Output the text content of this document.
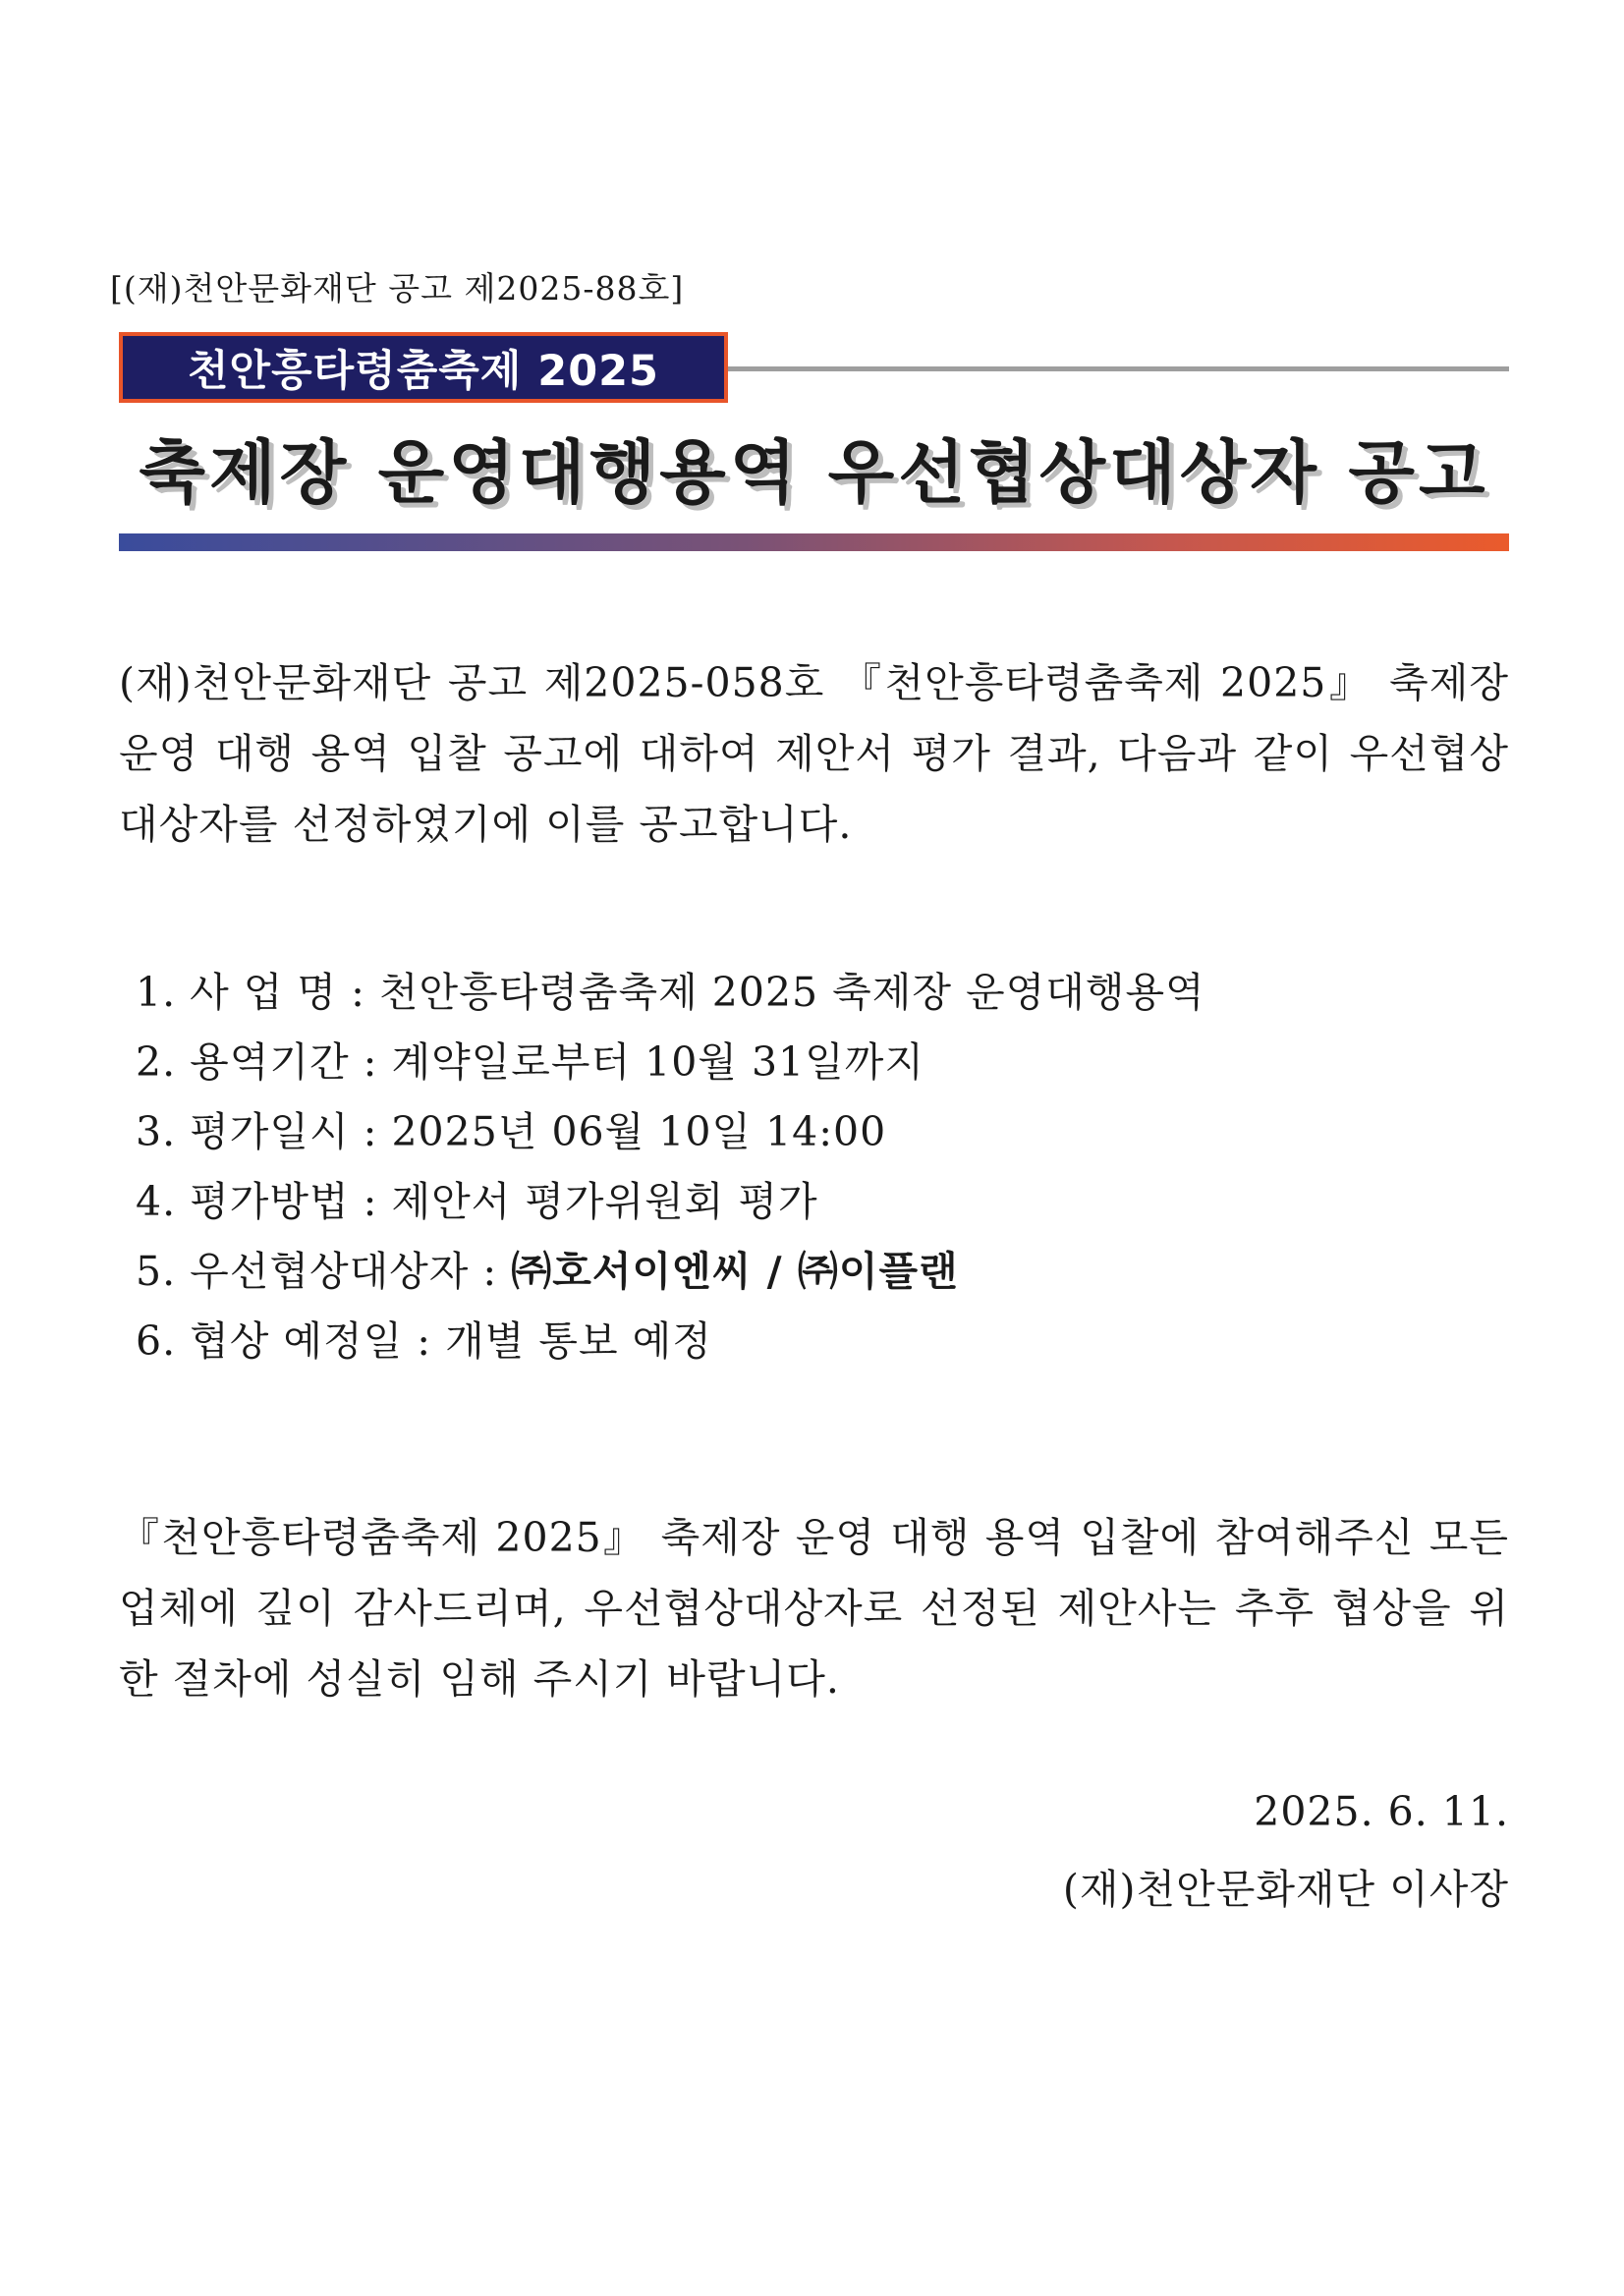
[(재)천안문화재단 공고 제2025-88호]
천안흥타령춤축제 2025
축제장 운영대행용역 우선협상대상자 공고

(재)천안문화재단 공고 제2025-058호 『천안흥타령춤축제 2025』 축제장 운영 대행 용역 입찰 공고에 대하여 제안서 평가 결과, 다음과 같이 우선협상대상자를 선정하였기에 이를 공고합니다.

1. 사 업 명 : 천안흥타령춤축제 2025 축제장 운영대행용역
2. 용역기간 : 계약일로부터 10월 31일까지
3. 평가일시 : 2025년 06월 10일 14:00
4. 평가방법 : 제안서 평가위원회 평가
5. 우선협상대상자 : ㈜호서이엔씨 / ㈜이플랜
6. 협상 예정일 : 개별 통보 예정

『천안흥타령춤축제 2025』 축제장 운영 대행 용역 입찰에 참여해주신 모든 업체에 깊이 감사드리며, 우선협상대상자로 선정된 제안사는 추후 협상을 위한 절차에 성실히 임해 주시기 바랍니다.

2025. 6. 11.
(재)천안문화재단 이사장
